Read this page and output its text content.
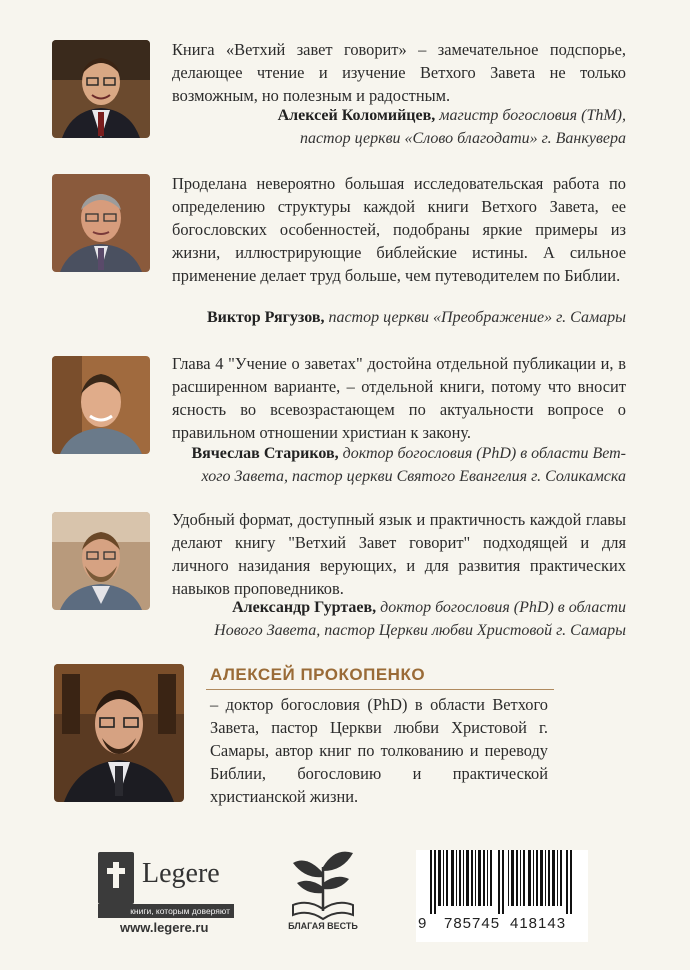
Книга «Ветхий завет говорит» – замечательное подспорье, делающее чтение и изучение Ветхого Завета не только возможным, но полезным и радостным.
Алексей Коломийцев, магистр богословия (ThM),
пастор церкви «Слово благодати» г. Ванкувера
Проделана невероятно большая исследовательская работа по определению структуры каждой книги Ветхого Завета, ее богословских особенностей, подобраны яркие примеры из жизни, иллюстрирующие библейские истины. А сильное применение делает труд больше, чем путеводителем по Библии.
Виктор Рягузов, пастор церкви «Преображение» г. Самары
Глава 4 "Учение о заветах" достойна отдельной публикации и, в расширенном варианте, – отдельной книги, потому что вносит ясность во всевозрастающем по актуальности вопросе о правильном отношении христиан к закону.
Вячеслав Стариков, доктор богословия (PhD) в области Вет-
хого Завета, пастор церкви Святого Евангелия г. Соликамска
Удобный формат, доступный язык и практичность каждой главы делают книгу "Ветхий Завет говорит" подходящей и для личного назидания верующих, и для развития практических навыков проповедников.
Александр Гуртаев, доктор богословия (PhD) в области
Нового Завета, пастор Церкви любви Христовой г. Самары
АЛЕКСЕЙ ПРОКОПЕНКО
– доктор богословия (PhD) в области Ветхого Завета, пастор Церкви любви Христовой г. Самары, автор книг по толкованию и переводу Библии, богословию и практической христианской жизни.
Legere
книги, которым доверяют
www.legere.ru	БЛАГАЯ ВЕСТЬ	9 785745 418143
